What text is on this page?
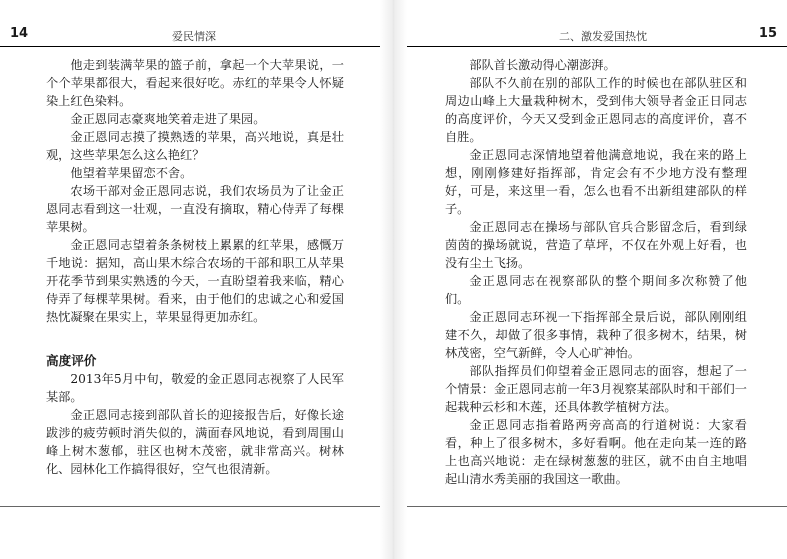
14	爱民情深

他走到装满苹果的篮子前，拿起一个大苹果说，一个个苹果都很大，看起来很好吃。赤红的苹果令人怀疑染上红色染料。

金正恩同志豪爽地笑着走进了果园。

金正恩同志摸了摸熟透的苹果，高兴地说，真是壮观，这些苹果怎么这么艳红？

他望着苹果留恋不舍。

农场干部对金正恩同志说，我们农场员为了让金正恩同志看到这一壮观，一直没有摘取，精心侍弄了每棵苹果树。

金正恩同志望着条条树枝上累累的红苹果，感慨万千地说：据知，高山果木综合农场的干部和职工从苹果开花季节到果实熟透的今天，一直盼望着我来临，精心侍弄了每棵苹果树。看来，由于他们的忠诚之心和爱国热忱凝聚在果实上，苹果显得更加赤红。

高度评价

2013年5月中旬，敬爱的金正恩同志视察了人民军某部。

金正恩同志接到部队首长的迎接报告后，好像长途跋涉的疲劳顿时消失似的，满面春风地说，看到周围山峰上树木葱郁，驻区也树木茂密，就非常高兴。树林化、园林化工作搞得很好，空气也很清新。

二、激发爱国热忱	15

部队首长激动得心潮澎湃。

部队不久前在别的部队工作的时候也在部队驻区和周边山峰上大量栽种树木，受到伟大领导者金正日同志的高度评价，今天又受到金正恩同志的高度评价，喜不自胜。

金正恩同志深情地望着他满意地说，我在来的路上想，刚刚修建好指挥部，肯定会有不少地方没有整理好，可是，来这里一看，怎么也看不出新组建部队的样子。

金正恩同志在操场与部队官兵合影留念后，看到绿茵茵的操场就说，营造了草坪，不仅在外观上好看，也没有尘土飞扬。

金正恩同志在视察部队的整个期间多次称赞了他们。

金正恩同志环视一下指挥部全景后说，部队刚刚组建不久，却做了很多事情，栽种了很多树木，结果，树林茂密，空气新鲜，令人心旷神怡。

部队指挥员们仰望着金正恩同志的面容，想起了一个情景：金正恩同志前一年3月视察某部队时和干部们一起栽种云杉和木莲，还具体教学植树方法。

金正恩同志指着路两旁高高的行道树说：大家看看，种上了很多树木，多好看啊。他在走向某一连的路上也高兴地说：走在绿树葱葱的驻区，就不由自主地唱起山清水秀美丽的我国这一歌曲。
